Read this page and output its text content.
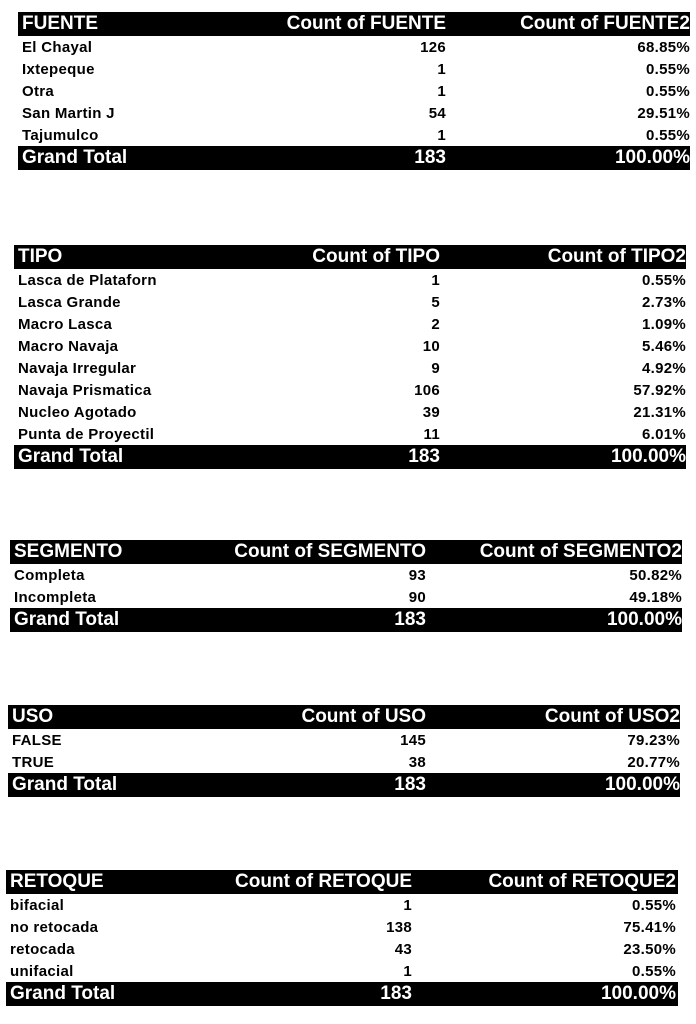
FUENTE	Count of FUENTE	Count of FUENTE2
El Chayal	126	68.85%
Ixtepeque	1	0.55%
Otra	1	0.55%
San Martin J	54	29.51%
Tajumulco	1	0.55%
Grand Total	183	100.00%
TIPO	Count of TIPO	Count of TIPO2
Lasca de Plataforn	1	0.55%
Lasca Grande	5	2.73%
Macro Lasca	2	1.09%
Macro Navaja	10	5.46%
Navaja Irregular	9	4.92%
Navaja Prismatica	106	57.92%
Nucleo Agotado	39	21.31%
Punta de Proyectil	11	6.01%
Grand Total	183	100.00%
SEGMENTO	Count of SEGMENTO	Count of SEGMENTO2
Completa	93	50.82%
Incompleta	90	49.18%
Grand Total	183	100.00%
USO	Count of USO	Count of USO2
FALSE	145	79.23%
TRUE	38	20.77%
Grand Total	183	100.00%
RETOQUE	Count of RETOQUE	Count of RETOQUE2
bifacial	1	0.55%
no retocada	138	75.41%
retocada	43	23.50%
unifacial	1	0.55%
Grand Total	183	100.00%
